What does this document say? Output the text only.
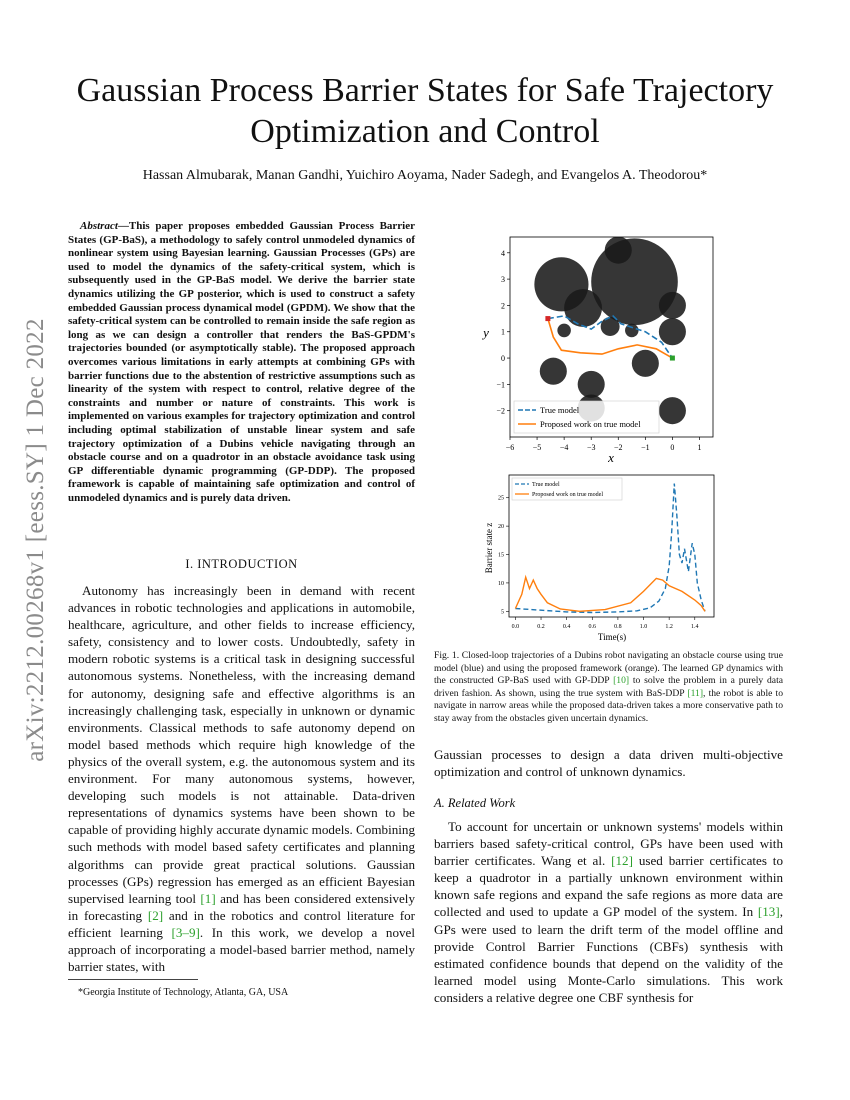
arXiv:2212.00268v1 [eess.SY] 1 Dec 2022
Gaussian Process Barrier States for Safe Trajectory Optimization and Control
Hassan Almubarak, Manan Gandhi, Yuichiro Aoyama, Nader Sadegh, and Evangelos A. Theodorou*
Abstract—This paper proposes embedded Gaussian Process Barrier States (GP-BaS), a methodology to safely control unmodeled dynamics of nonlinear system using Bayesian learning. Gaussian Processes (GPs) are used to model the dynamics of the safety-critical system, which is subsequently used in the GP-BaS model. We derive the barrier state dynamics utilizing the GP posterior, which is used to construct a safety embedded Gaussian process dynamical model (GPDM). We show that the safety-critical system can be controlled to remain inside the safe region as long as we can design a controller that renders the BaS-GPDM's trajectories bounded (or asymptotically stable). The proposed approach overcomes various limitations in early attempts at combining GPs with barrier functions due to the abstention of restrictive assumptions such as linearity of the system with respect to control, relative degree of the constraints and number or nature of constraints. This work is implemented on various examples for trajectory optimization and control including optimal stabilization of unstable linear system and safe trajectory optimization of a Dubins vehicle navigating through an obstacle course and on a quadrotor in an obstacle avoidance task using GP differentiable dynamic programming (GP-DDP). The proposed framework is capable of maintaining safe optimization and control of unmodeled dynamics and is purely data driven.
I. INTRODUCTION
Autonomy has increasingly been in demand with recent advances in robotic technologies and applications in automobile, healthcare, agriculture, and other fields to increase efficiency, safety, consistency and to lower costs. Undoubtedly, safety in modern robotic systems is a critical task in designing successful autonomous systems. Nonetheless, with the increasing demand for autonomy, designing safe and effective algorithms is an increasingly challenging task, especially in unknown or dynamic environments. Classical methods to safe autonomy depend on model based methods which require high knowledge of the physics of the overall system, e.g. the autonomous system and its environment. For many autonomous systems, however, developing such models is not attainable. Data-driven representations of dynamics systems have been shown to be capable of providing highly accurate dynamic models. Combining such methods with model based safety certificates and planning algorithms can provide great practical solutions. Gaussian processes (GPs) regression has emerged as an efficient Bayesian supervised learning tool [1] and has been considered extensively in forecasting [2] and in the robotics and control literature for efficient learning [3–9]. In this work, we develop a novel approach of incorporating a model-based barrier method, namely barrier states, with
*Georgia Institute of Technology, Atlanta, GA, USA
−6 −5 −4 −3 −2 −1	0	1
−2
−1
0
1
2
3
4
x
y
True model
Proposed work on true model
0.0	0.2	0.4	0.6	0.8	1.0	1.2	1.4
5
10
15
20
25
Time(s)
Barrier state z
True model
Proposed work on true model
Fig. 1. Closed-loop trajectories of a Dubins robot navigating an obstacle course using true model (blue) and using the proposed framework (orange). The learned GP dynamics with the constructed GP-BaS used with GP-DDP [10] to solve the problem in a purely data driven fashion. As shown, using the true system with BaS-DDP [11], the robot is able to navigate in narrow areas while the proposed data-driven takes a more conservative path to stay away from the obstacles given uncertain dynamics.
Gaussian processes to design a data driven multi-objective optimization and control of unknown dynamics.
A. Related Work
To account for uncertain or unknown systems' models within barriers based safety-critical control, GPs have been used with barrier certificates. Wang et al. [12] used barrier certificates to keep a quadrotor in a partially unknown environment within known safe regions and expand the safe regions as more data are collected and used to update a GP model of the system. In [13], GPs were used to learn the drift term of the model offline and provide Control Barrier Functions (CBFs) synthesis with estimated confidence bounds that depend on the validity of the learned model using Monte-Carlo simulations. This work considers a relative degree one CBF synthesis for
